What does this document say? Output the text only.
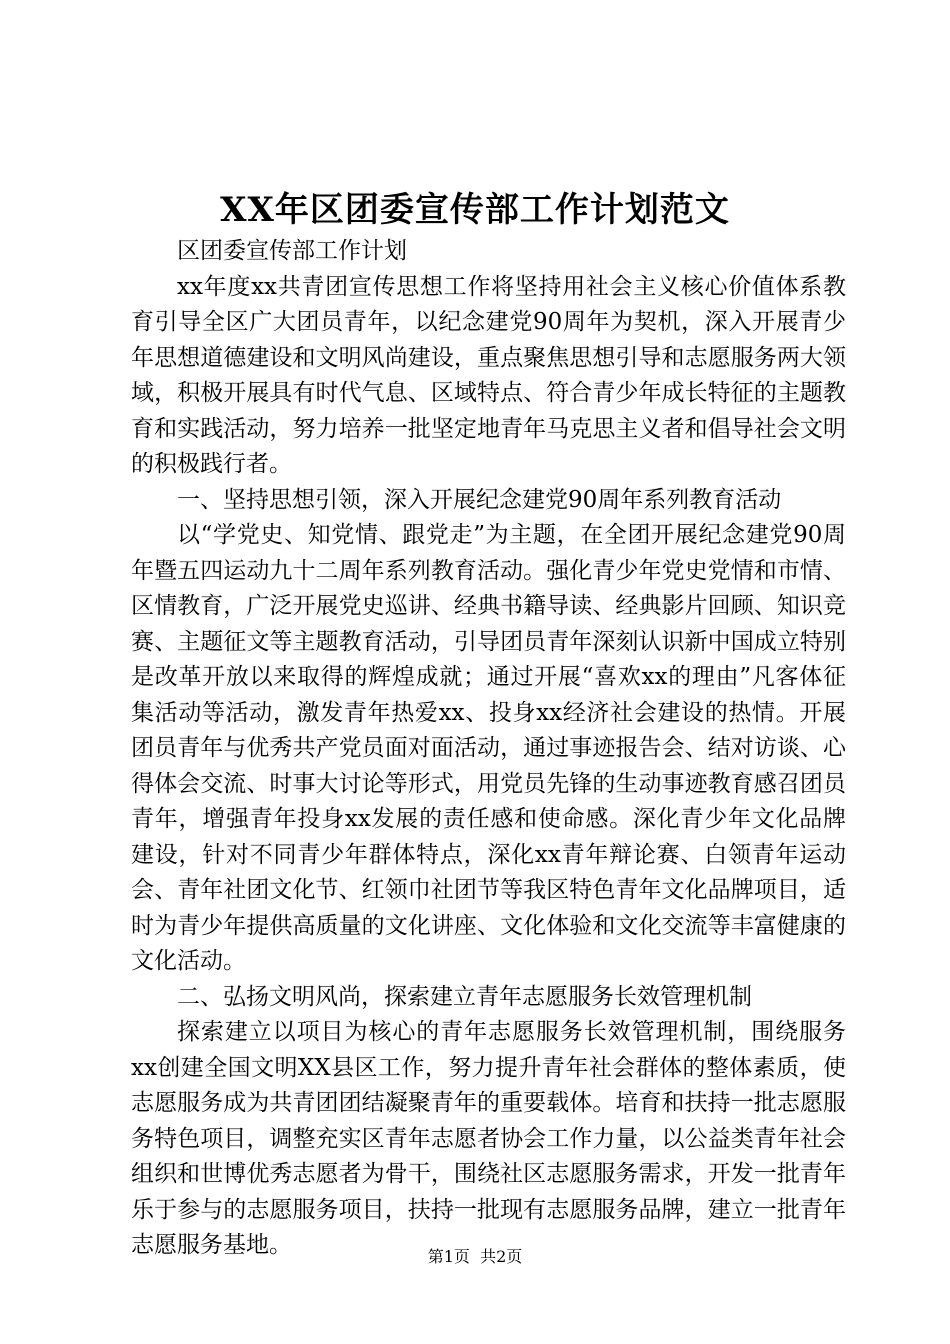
XX年区团委宣传部工作计划范文

区团委宣传部工作计划

xx年度xx共青团宣传思想工作将坚持用社会主义核心价值体系教育引导全区广大团员青年，以纪念建党90周年为契机，深入开展青少年思想道德建设和文明风尚建设，重点聚焦思想引导和志愿服务两大领域，积极开展具有时代气息、区域特点、符合青少年成长特征的主题教育和实践活动，努力培养一批坚定地青年马克思主义者和倡导社会文明的积极践行者。

一、坚持思想引领，深入开展纪念建党90周年系列教育活动

以“学党史、知党情、跟党走”为主题，在全团开展纪念建党90周年暨五四运动九十二周年系列教育活动。强化青少年党史党情和市情、区情教育，广泛开展党史巡讲、经典书籍导读、经典影片回顾、知识竞赛、主题征文等主题教育活动，引导团员青年深刻认识新中国成立特别是改革开放以来取得的辉煌成就；通过开展“喜欢xx的理由”凡客体征集活动等活动，激发青年热爱xx、投身xx经济社会建设的热情。开展团员青年与优秀共产党员面对面活动，通过事迹报告会、结对访谈、心得体会交流、时事大讨论等形式，用党员先锋的生动事迹教育感召团员青年，增强青年投身xx发展的责任感和使命感。深化青少年文化品牌建设，针对不同青少年群体特点，深化xx青年辩论赛、白领青年运动会、青年社团文化节、红领巾社团节等我区特色青年文化品牌项目，适时为青少年提供高质量的文化讲座、文化体验和文化交流等丰富健康的文化活动。

二、弘扬文明风尚，探索建立青年志愿服务长效管理机制

探索建立以项目为核心的青年志愿服务长效管理机制，围绕服务xx创建全国文明XX县区工作，努力提升青年社会群体的整体素质，使志愿服务成为共青团团结凝聚青年的重要载体。培育和扶持一批志愿服务特色项目，调整充实区青年志愿者协会工作力量，以公益类青年社会组织和世博优秀志愿者为骨干，围绕社区志愿服务需求，开发一批青年乐于参与的志愿服务项目，扶持一批现有志愿服务品牌，建立一批青年志愿服务基地。	第1页 共2页
